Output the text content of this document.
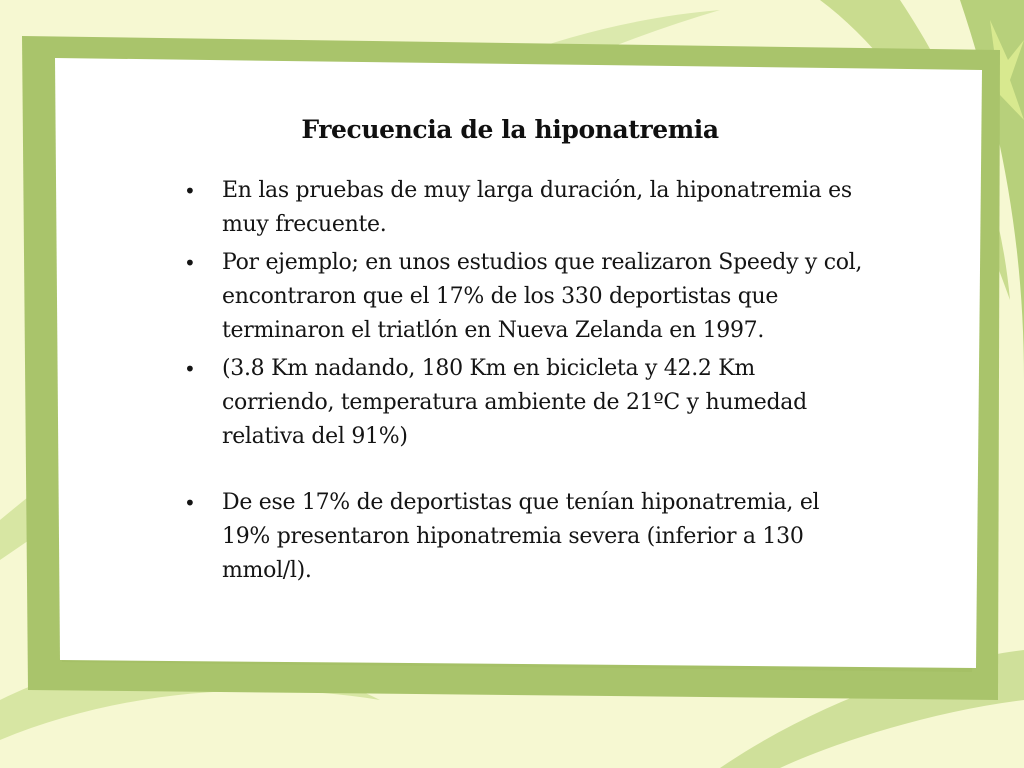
Frecuencia de la hiponatremia
• En las pruebas de muy larga duración, la hiponatremia es muy frecuente.
• Por ejemplo; en unos estudios que realizaron Speedy y col, encontraron que el 17% de los 330 deportistas que terminaron el triatlón en Nueva Zelanda en 1997.
• (3.8 Km nadando, 180 Km en bicicleta y 42.2 Km corriendo, temperatura ambiente de 21ºC y humedad relativa del 91%)
• De ese 17% de deportistas que tenían hiponatremia, el 19% presentaron hiponatremia severa (inferior a 130 mmol/l).
